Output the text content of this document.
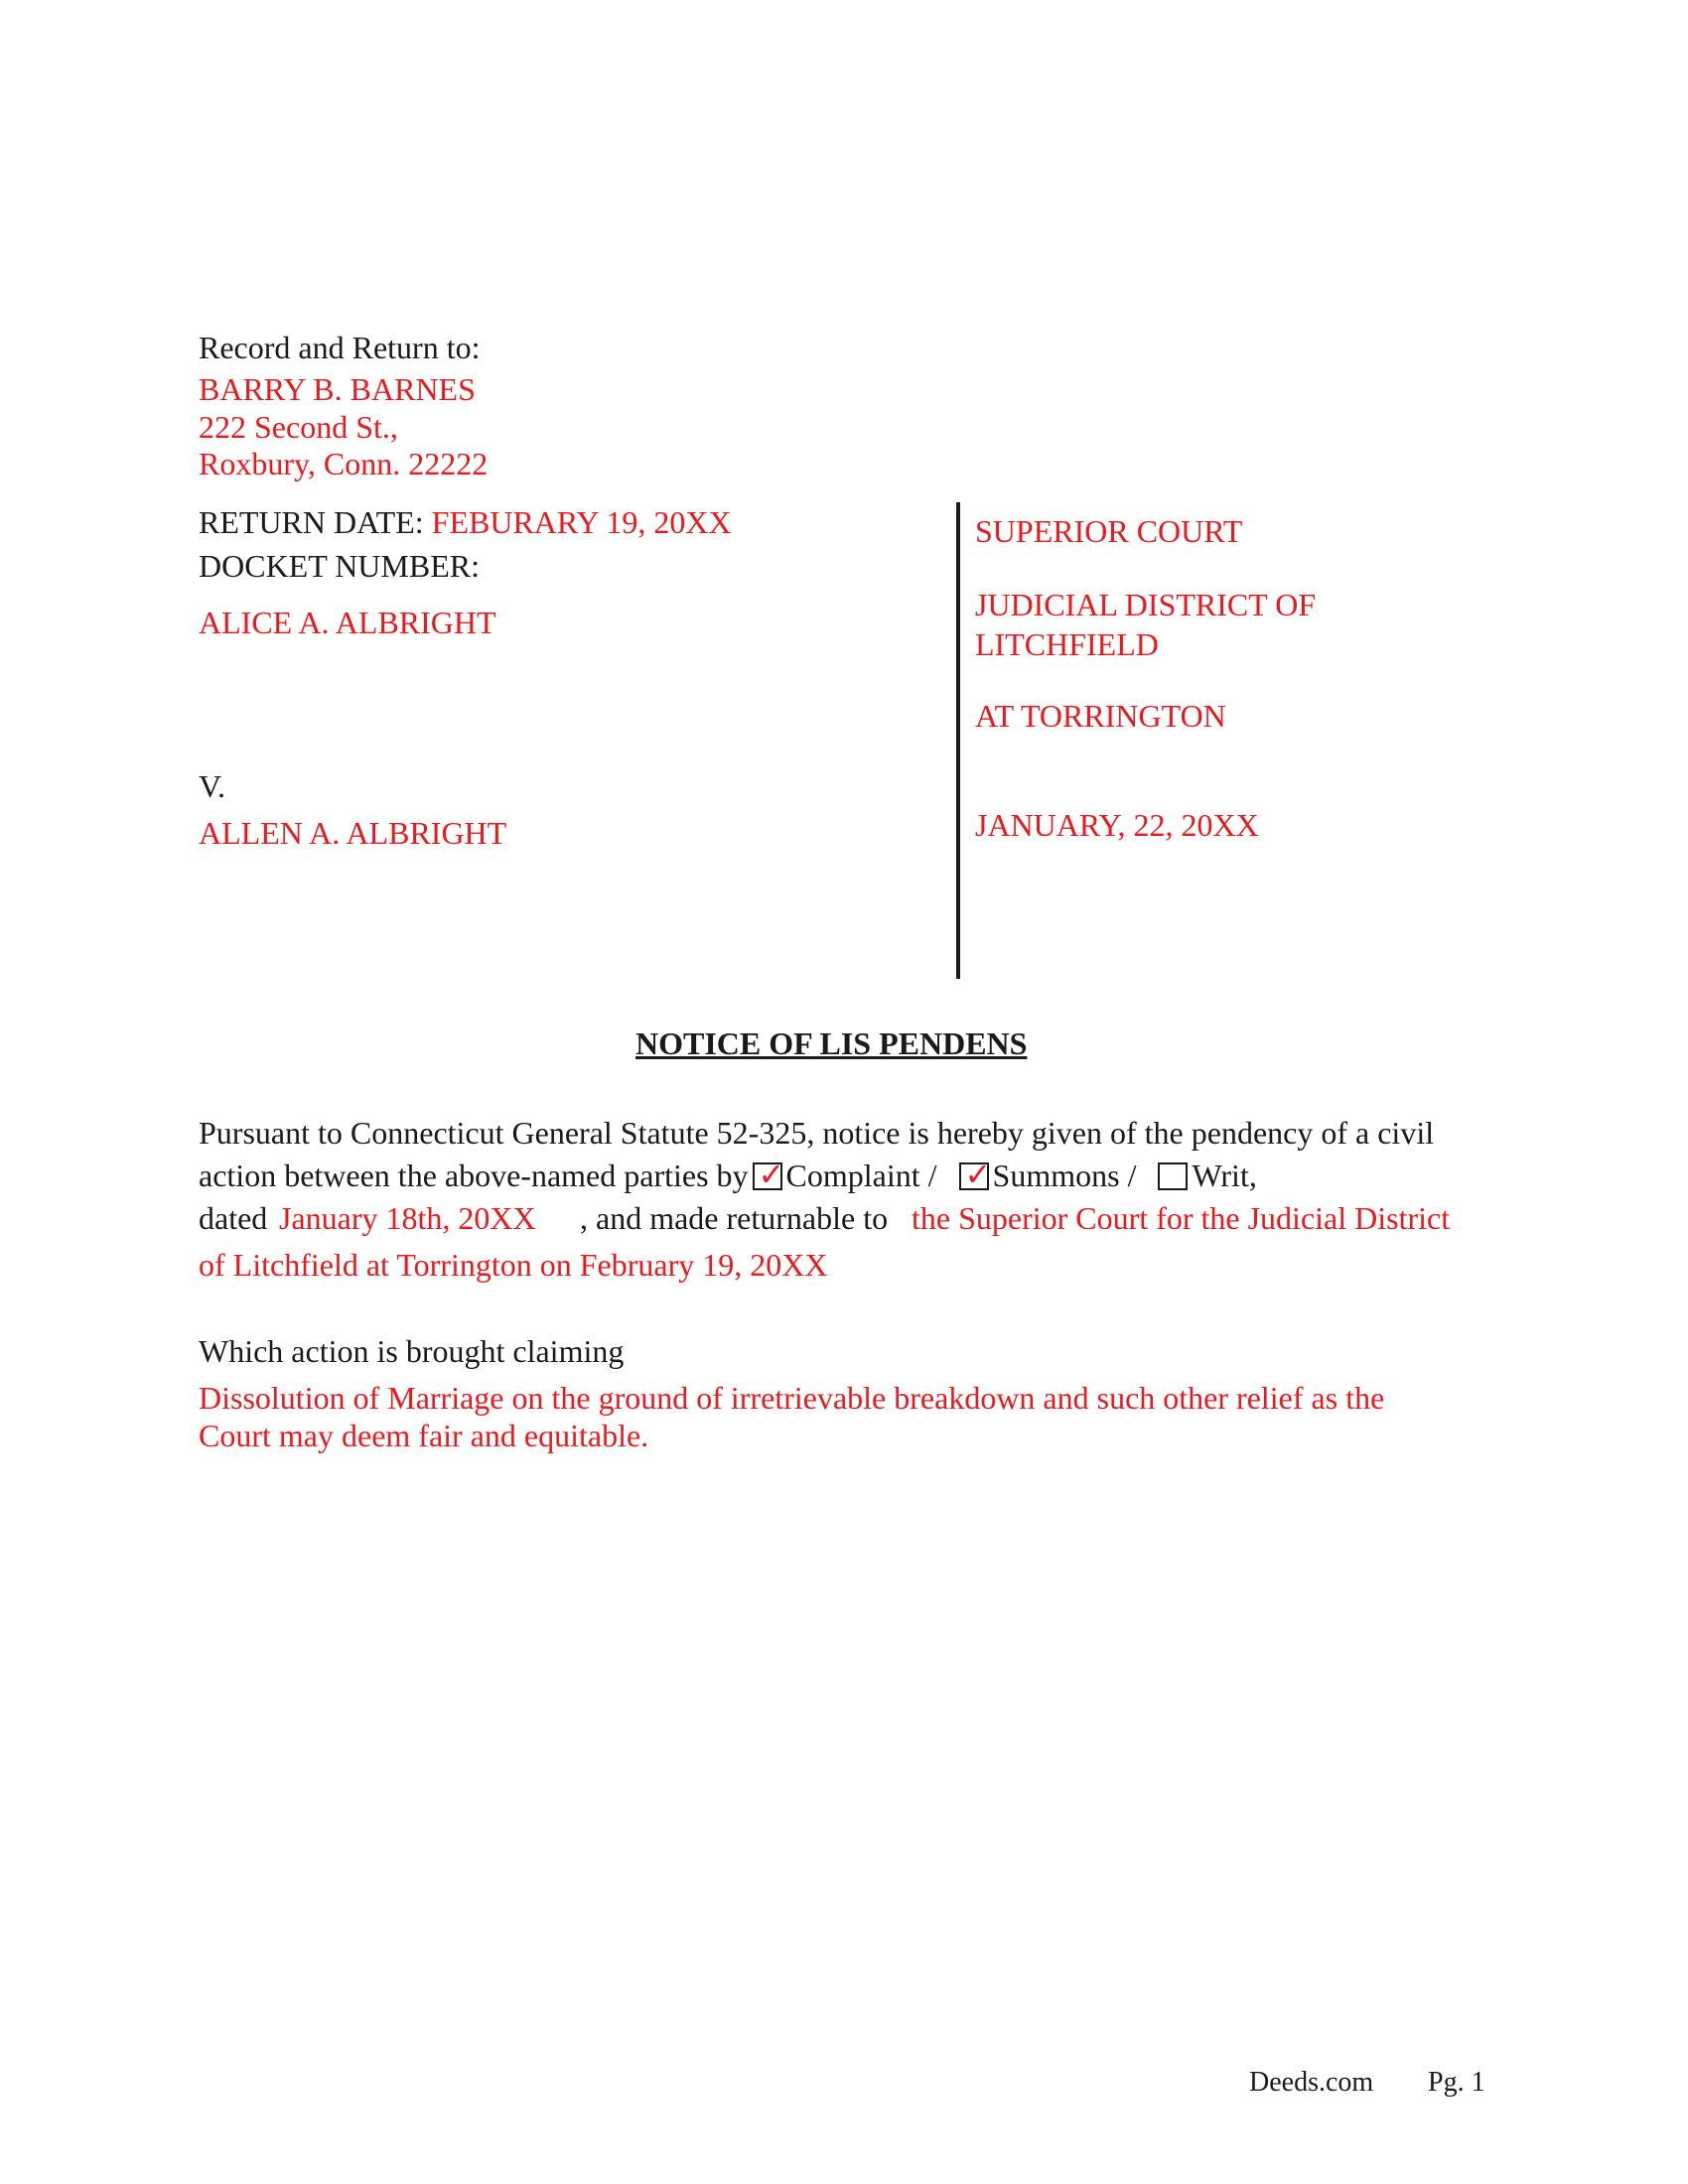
Record and Return to:
BARRY B. BARNES
222 Second St.,
Roxbury, Conn. 22222
RETURN DATE: FEBURARY 19, 20XX
DOCKET NUMBER:
ALICE A. ALBRIGHT
V.
ALLEN A. ALBRIGHT
SUPERIOR COURT
JUDICIAL DISTRICT OF
LITCHFIELD
AT TORRINGTON
JANUARY, 22, 20XX
NOTICE OF LIS PENDENS
Pursuant to Connecticut General Statute 52-325, notice is hereby given of the pendency of a civil
action between the above-named parties by ✓ Complaint / ✓ Summons / Writ,
dated January 18th, 20XX , and made returnable to the Superior Court for the Judicial District
of Litchfield at Torrington on February 19, 20XX
Which action is brought claiming
Dissolution of Marriage on the ground of irretrievable breakdown and such other relief as the
Court may deem fair and equitable.
Deeds.com Pg. 1
